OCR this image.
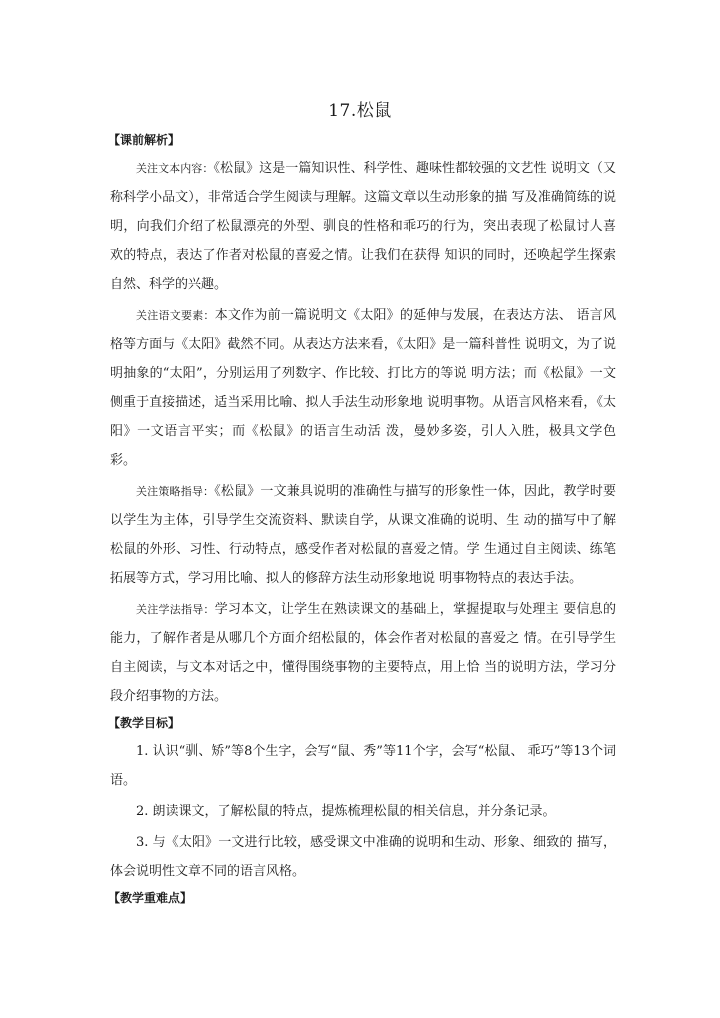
17.松鼠
【课前解析】

关注文本内容：《松鼠》这是一篇知识性、科学性、趣味性都较强的文艺性 说明文（又称科学小品文），非常适合学生阅读与理解。这篇文章以生动形象的描 写及准确简练的说明，向我们介绍了松鼠漂亮的外型、驯良的性格和乖巧的行为，突出表现了松鼠讨人喜欢的特点，表达了作者对松鼠的喜爱之情。让我们在获得 知识的同时，还唤起学生探索自然、科学的兴趣。

关注语文要素：本文作为前一篇说明文《太阳》的延伸与发展，在表达方法、 语言风格等方面与《太阳》截然不同。从表达方法来看，《太阳》是一篇科普性 说明文，为了说明抽象的“太阳”，分别运用了列数字、作比较、打比方的等说 明方法；而《松鼠》一文侧重于直接描述，适当采用比喻、拟人手法生动形象地 说明事物。从语言风格来看，《太阳》一文语言平实；而《松鼠》的语言生动活 泼，曼妙多姿，引人入胜，极具文学色彩。

关注策略指导：《松鼠》一文兼具说明的准确性与描写的形象性一体，因此，教学时要以学生为主体，引导学生交流资料、默读自学，从课文准确的说明、生 动的描写中了解松鼠的外形、习性、行动特点，感受作者对松鼠的喜爱之情。学 生通过自主阅读、练笔拓展等方式，学习用比喻、拟人的修辞方法生动形象地说 明事物特点的表达手法。

关注学法指导：学习本文，让学生在熟读课文的基础上，掌握提取与处理主 要信息的能力，了解作者是从哪几个方面介绍松鼠的，体会作者对松鼠的喜爱之 情。在引导学生自主阅读，与文本对话之中，懂得围绕事物的主要特点，用上恰 当的说明方法，学习分段介绍事物的方法。

【教学目标】

1. 认识“驯、矫”等8个生字，会写“鼠、秀”等11个字，会写“松鼠、 乖巧”等13个词语。

2. 朗读课文，了解松鼠的特点，提炼梳理松鼠的相关信息，并分条记录。

3. 与《太阳》一文进行比较，感受课文中准确的说明和生动、形象、细致的 描写，体会说明性文章不同的语言风格。

【教学重难点】
